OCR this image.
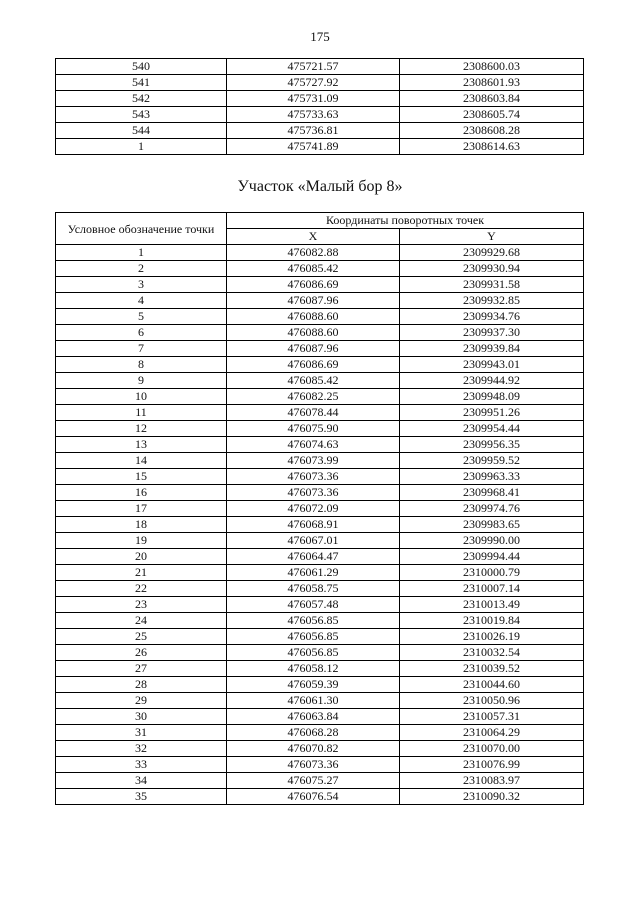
175
540	475721.57	2308600.03
541	475727.92	2308601.93
542	475731.09	2308603.84
543	475733.63	2308605.74
544	475736.81	2308608.28
1	475741.89	2308614.63
Участок «Малый бор 8»
Условное обозначение точки	Координаты поворотных точек	
	X	Y
1	476082.88	2309929.68
2	476085.42	2309930.94
3	476086.69	2309931.58
4	476087.96	2309932.85
5	476088.60	2309934.76
6	476088.60	2309937.30
7	476087.96	2309939.84
8	476086.69	2309943.01
9	476085.42	2309944.92
10	476082.25	2309948.09
11	476078.44	2309951.26
12	476075.90	2309954.44
13	476074.63	2309956.35
14	476073.99	2309959.52
15	476073.36	2309963.33
16	476073.36	2309968.41
17	476072.09	2309974.76
18	476068.91	2309983.65
19	476067.01	2309990.00
20	476064.47	2309994.44
21	476061.29	2310000.79
22	476058.75	2310007.14
23	476057.48	2310013.49
24	476056.85	2310019.84
25	476056.85	2310026.19
26	476056.85	2310032.54
27	476058.12	2310039.52
28	476059.39	2310044.60
29	476061.30	2310050.96
30	476063.84	2310057.31
31	476068.28	2310064.29
32	476070.82	2310070.00
33	476073.36	2310076.99
34	476075.27	2310083.97
35	476076.54	2310090.32
